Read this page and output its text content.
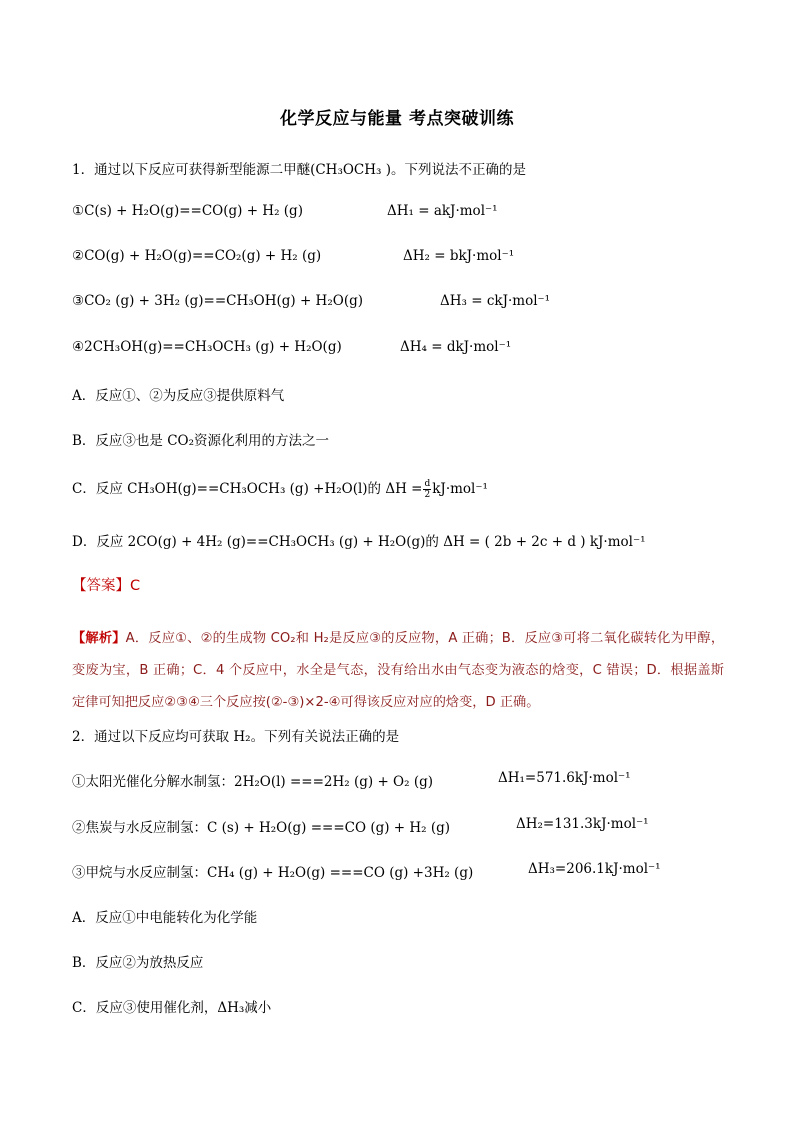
化学反应与能量 考点突破训练
1．通过以下反应可获得新型能源二甲醚(CH₃OCH₃ )。下列说法不正确的是
①C(s) + H₂O(g)==CO(g) + H₂ (g)	ΔH₁ = akJ·mol⁻¹
②CO(g) + H₂O(g)==CO₂(g) + H₂ (g)	ΔH₂ = bkJ·mol⁻¹
③CO₂ (g) + 3H₂ (g)==CH₃OH(g) + H₂O(g)	ΔH₃ = ckJ·mol⁻¹
④2CH₃OH(g)==CH₃OCH₃ (g) + H₂O(g)	ΔH₄ = dkJ·mol⁻¹
A．反应①、②为反应③提供原料气
B．反应③也是 CO₂资源化利用的方法之一
C．反应 CH₃OH(g)==CH₃OCH₃ (g) +H₂O(l)的 $\Delta H = \frac{d}{2} kJ\cdot mol^{-1}$
D．反应 2CO(g) + 4H₂ (g)==CH₃OCH₃ (g) + H₂O(g)的 ΔH = ( 2b + 2c + d ) kJ·mol⁻¹
【答案】C
【解析】A．反应①、②的生成物 CO₂和 H₂是反应③的反应物，A 正确；B．反应③可将二氧化碳转化为甲醇，变废为宝，B 正确；C．4 个反应中，水全是气态，没有给出水由气态变为液态的焓变，C 错误；D．根据盖斯定律可知把反应②③④三个反应按(②-③)×2-④可得该反应对应的焓变，D 正确。
2．通过以下反应均可获取 H₂。下列有关说法正确的是
①太阳光催化分解水制氢：2H₂O(l) ===2H₂ (g) + O₂ (g)	ΔH₁=571.6kJ·mol⁻¹
②焦炭与水反应制氢：C (s) + H₂O(g) ===CO (g) + H₂ (g)	ΔH₂=131.3kJ·mol⁻¹
③甲烷与水反应制氢：CH₄ (g) + H₂O(g) ===CO (g) +3H₂ (g)	ΔH₃=206.1kJ·mol⁻¹
A．反应①中电能转化为化学能
B．反应②为放热反应
C．反应③使用催化剂，ΔH₃减小
